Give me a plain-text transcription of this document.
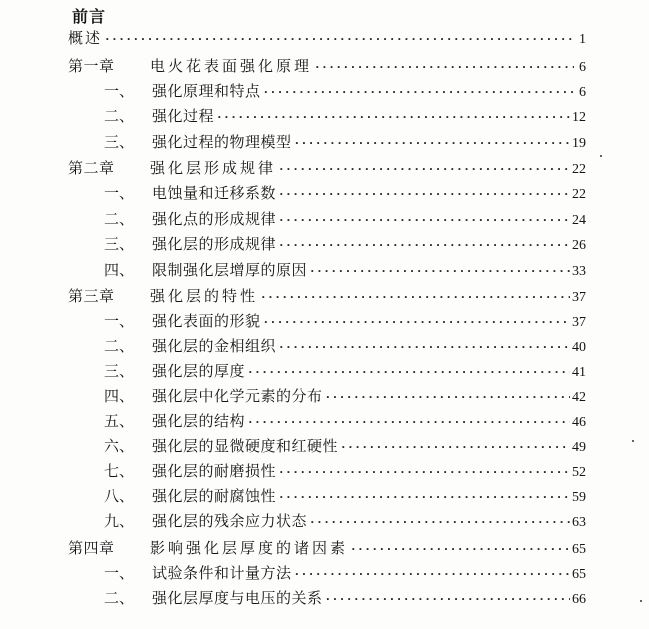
前言
概述 ·····	1
第一章	电火花表面强化原理 ·····	6
一、	强化原理和特点 ·····	6
二、	强化过程 ·····	12
三、	强化过程的物理模型 ·····	19
第二章	强化层形成规律 ·····	22
一、	电蚀量和迁移系数 ·····	22
二、	强化点的形成规律 ·····	24
三、	强化层的形成规律 ·····	26
四、	限制强化层增厚的原因 ·····	33
第三章	强化层的特性 ·····	37
一、	强化表面的形貌 ·····	37
二、	强化层的金相组织 ·····	40
三、	强化层的厚度 ·····	41
四、	强化层中化学元素的分布 ·····	42
五、	强化层的结构 ·····	46
六、	强化层的显微硬度和红硬性 ·····	49
七、	强化层的耐磨损性 ·····	52
八、	强化层的耐腐蚀性 ·····	59
九、	强化层的残余应力状态 ·····	63
第四章	影响强化层厚度的诸因素 ·····	65
一、	试验条件和计量方法 ·····	65
二、	强化层厚度与电压的关系 ·····	66
